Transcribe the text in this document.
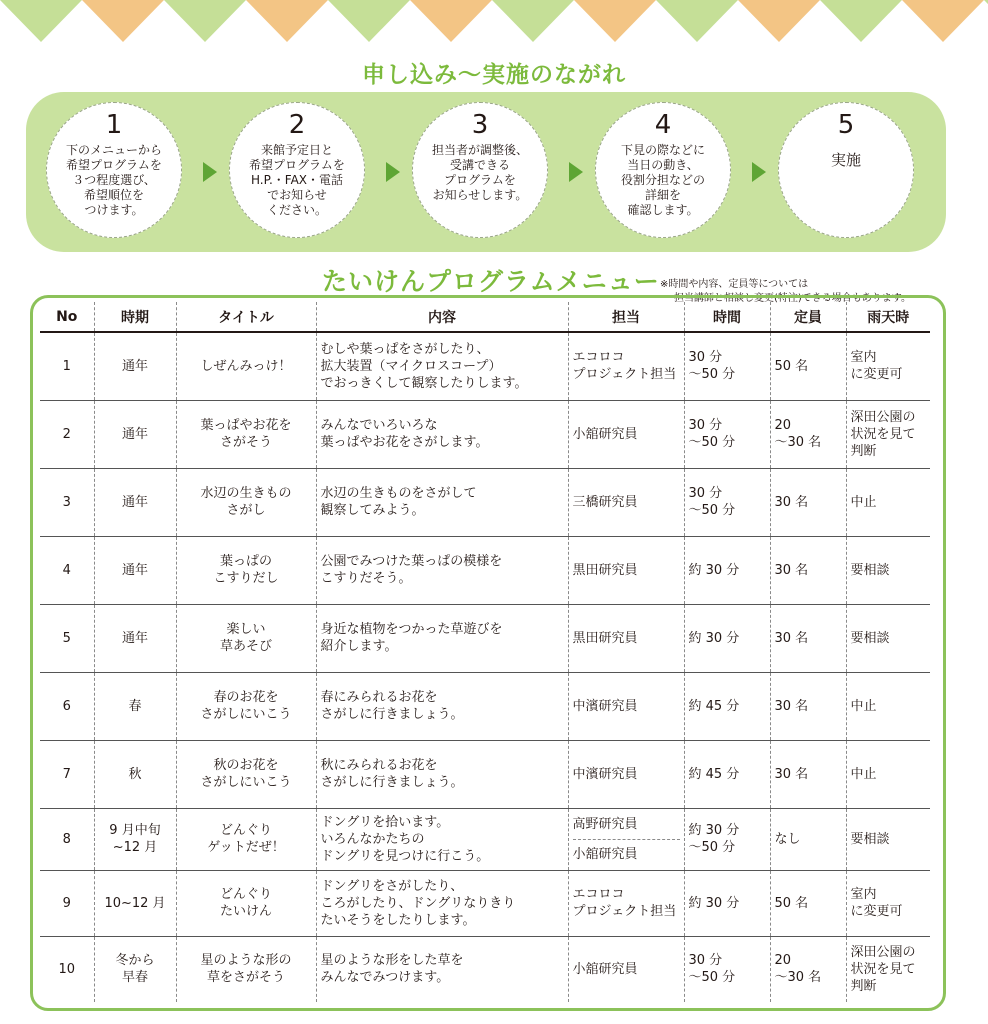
申し込み〜実施のながれ
1
下のメニューから
希望プログラムを
３つ程度選び、
希望順位を
つけます。
2
来館予定日と
希望プログラムを
H.P.・FAX・電話
でお知らせ
ください。
3
担当者が調整後、
受講できる
プログラムを
お知らせします。
4
下見の際などに
当日の動き、
役割分担などの
詳細を
確認します。
5
実施
たいけんプログラムメニュー ※時間や内容、定員等については

担当講師と相談し変更(特注)できる場合もあります。

No	時期	タイトル	内容	担当	時間	定員	雨天時
1	通年	しぜんみっけ！	むしや葉っぱをさがしたり、
拡大装置（マイクロスコープ）
でおっきくして観察したりします。	エコロコ
プロジェクト担当	30 分
〜50 分	50 名	室内
に変更可
2	通年	葉っぱやお花を
さがそう	みんなでいろいろな
葉っぱやお花をさがします。	小舘研究員	30 分
〜50 分	20
〜30 名	深田公園の
状況を見て
判断
3	通年	水辺の生きもの
さがし	水辺の生きものをさがして
観察してみよう。	三橋研究員	30 分
〜50 分	30 名	中止
4	通年	葉っぱの
こすりだし	公園でみつけた葉っぱの模様を
こすりだそう。	黒田研究員	約 30 分	30 名	要相談
5	通年	楽しい
草あそび	身近な植物をつかった草遊びを
紹介します。	黒田研究員	約 30 分	30 名	要相談
6	春	春のお花を
さがしにいこう	春にみられるお花を
さがしに行きましょう。	中濱研究員	約 45 分	30 名	中止
7	秋	秋のお花を
さがしにいこう	秋にみられるお花を
さがしに行きましょう。	中濱研究員	約 45 分	30 名	中止
8	9 月中旬
~12 月	どんぐり
ゲットだぜ！	ドングリを拾います。
いろんなかたちの
ドングリを見つけに行こう。	高野研究員
小舘研究員	約 30 分
〜50 分	なし	要相談
9	10~12 月	どんぐり
たいけん	ドングリをさがしたり、
ころがしたり、ドングリなりきり
たいそうをしたりします。	エコロコ
プロジェクト担当	約 30 分	50 名	室内
に変更可
10	冬から
早春	星のような形の
草をさがそう	星のような形をした草を
みんなでみつけます。	小舘研究員	30 分
〜50 分	20
〜30 名	深田公園の
状況を見て
判断
